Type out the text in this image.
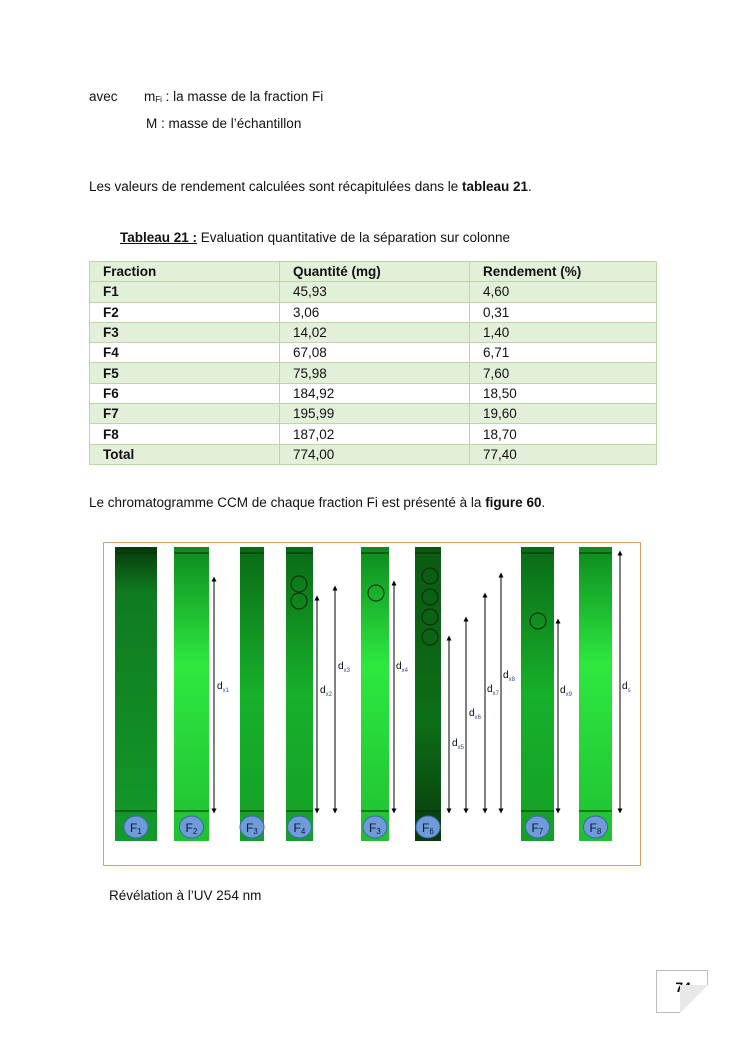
avec $m_{Fi}$ : la masse de la fraction Fi
M : masse de l’échantillon
Les valeurs de rendement calculées sont récapitulées dans le tableau 21.
Tableau 21 : Evaluation quantitative de la séparation sur colonne
Fraction	Quantité (mg)	Rendement (%)
F1	45,93	4,60
F2	3,06	0,31
F3	14,02	1,40
F4	67,08	6,71
F5	75,98	7,60
F6	184,92	18,50
F7	195,99	19,60
F8	187,02	18,70
Total	774,00	77,40
Le chromatogramme CCM de chaque fraction Fi est présenté à la figure 60.
F1	F2	F3	F4	F3	F6	F7	F8
$d_{x1}$	$d_{x2}$
$d_{x3}$	$d_{x4}$
$d_{x5}$
$d_{x6}$
$d_{x7}$
$d_{x8}$
$d_{x9}$
$d_s$
Révélation à l’UV 254 nm
74
